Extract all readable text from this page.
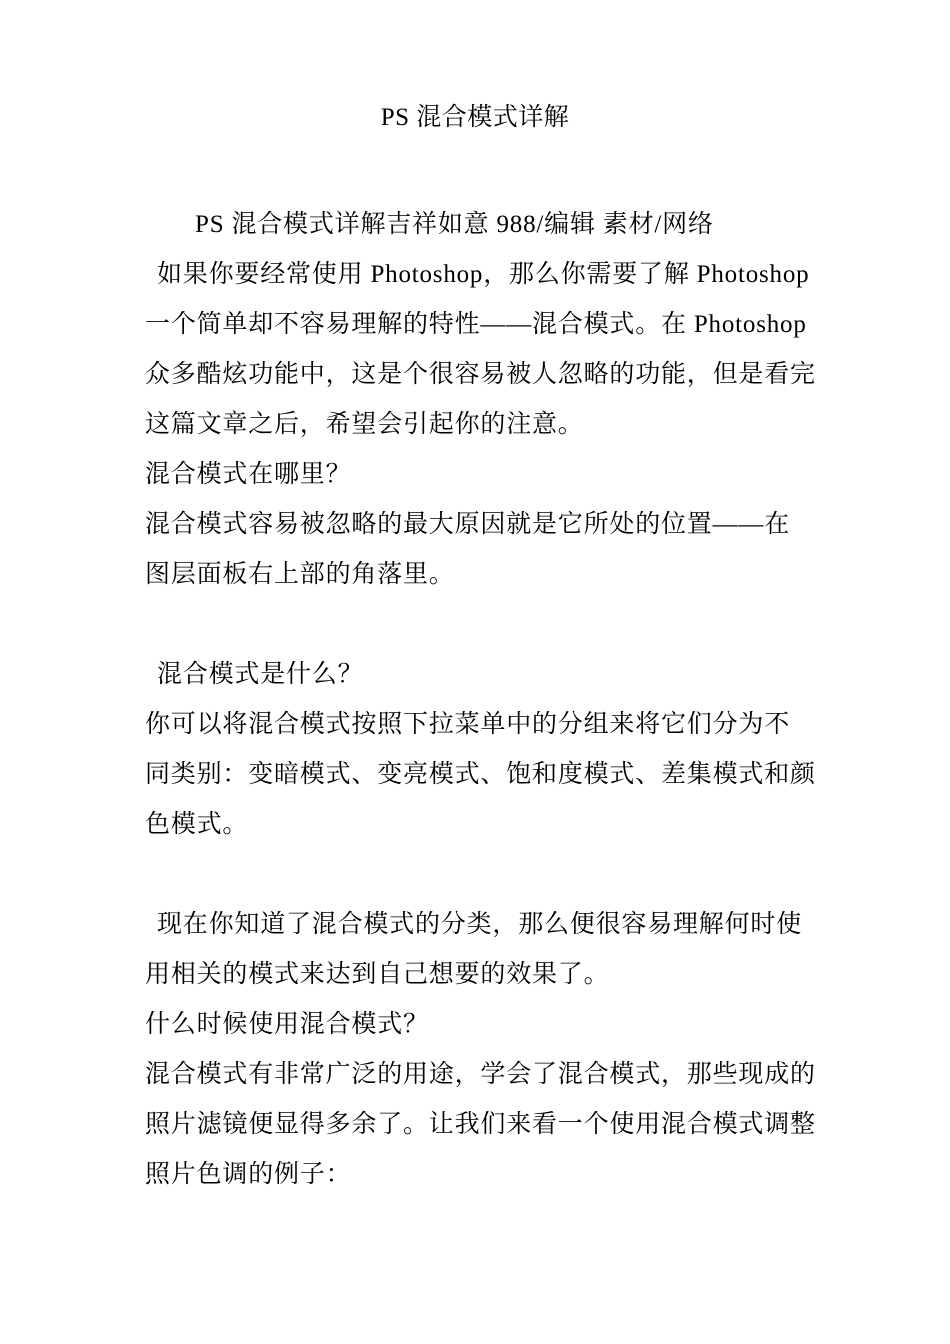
PS 混合模式详解
PS 混合模式详解吉祥如意 988/编辑 素材/网络
如果你要经常使用 Photoshop，那么你需要了解 Photoshop
一个简单却不容易理解的特性——混合模式。在 Photoshop
众多酷炫功能中，这是个很容易被人忽略的功能，但是看完
这篇文章之后，希望会引起你的注意。
混合模式在哪里？
混合模式容易被忽略的最大原因就是它所处的位置——在
图层面板右上部的角落里。
混合模式是什么？
你可以将混合模式按照下拉菜单中的分组来将它们分为不
同类别：变暗模式、变亮模式、饱和度模式、差集模式和颜
色模式。
现在你知道了混合模式的分类，那么便很容易理解何时使
用相关的模式来达到自己想要的效果了。
什么时候使用混合模式？
混合模式有非常广泛的用途，学会了混合模式，那些现成的
照片滤镜便显得多余了。让我们来看一个使用混合模式调整
照片色调的例子：
